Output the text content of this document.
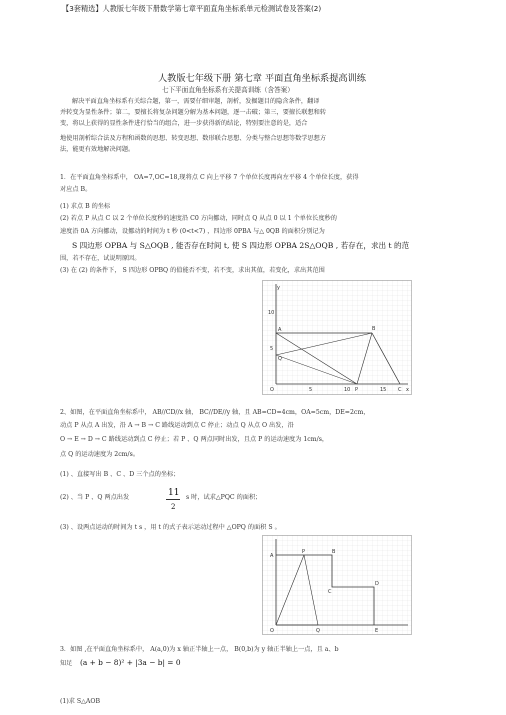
【3套精选】人教版七年级下册数学第七章平面直角坐标系单元检测试卷及答案(2)
人教版七年级下册 第七章 平面直角坐标系提高训练
七下平面直角坐标系有关提高训练（含答案）
解决平面直角坐标系有关综合题，第一，需要仔细审题，剖析，发掘题目的隐含条件，翻译
并转变为显性条件；第二，要擅长将复杂问题分解为基本问题，逐一击破；第三，要擅长联想和转
变，将以上获得的显性条件进行恰当的组合，进一步获得新的结论，特别要注意的是，适合
地使用剖析综合法及方程和函数的思想、转变思想、数形联合思想、分类与整合思想等数学思想方
法，能更有效地解决问题。
1．在平面直角坐标系中， OA=7,OC=18,现将点 C 向上平移 7 个单位长度再向左平移 4 个单位长度，获得
对应点 B。
(1) 求点 B 的坐标
(2) 若点 P 从点 C 以 2 个单位长度秒的速度沿 C0 方向挪动，同时点 Q 从点 0 以 1 个单位长度秒的
速度沿 0A 方向挪动，设挪动的时间为 t 秒 (0<t<7) ，四边形 0PBA 与△ 0QB 的面积分别记为
S 四边形 OPBA 与 S△OQB , 能否存在时间 t, 使 S 四边形 OPBA 2S△OQB , 若存在，求出 t 的范
围，若不存在，试说明原因。
(3) 在 (2) 的条件下， S 四边形 OPBQ 的值能否不变，若不变，求出其值，若变化，求出其范围
y
x
O	5	10	15
5
10
A	B
C
P
Q
2、如图，在平面直角坐标系中， AB//CD//x 轴， BC//DE//y 轴，且 AB=CD=4cm，OA=5cm，DE=2cm，
动点 P 从点 A 出发，沿 A → B → C 路线运动到点 C 停止；动点 Q 从点 O 出发，沿
O → E → D → C 路线运动到点 C 停止；若 P 、Q 两点同时出发，且点 P 的运动速度为 1cm/s，
点 Q 的运动速度为 2cm/s。
(1) 、直接写出 B 、C 、D 三个点的坐标；
(2) 、当 P 、Q 两点出发	11
2
s 时，试求△PQC 的面积；
(3) 、设两点运动的时间为 t s ，用 t 的式子表示运动过程中 △OPQ 的面积 S 。
A
B
C
D
E
O
P
Q
3．如图 ,在平面直角坐标系中， A(a,0)为 x 轴正半轴上一点， B(0,b)为 y 轴正半轴上一点，且 a、b
知足 (a + b − 8)² + |3a − b| = 0
(1)求 S△AOB
